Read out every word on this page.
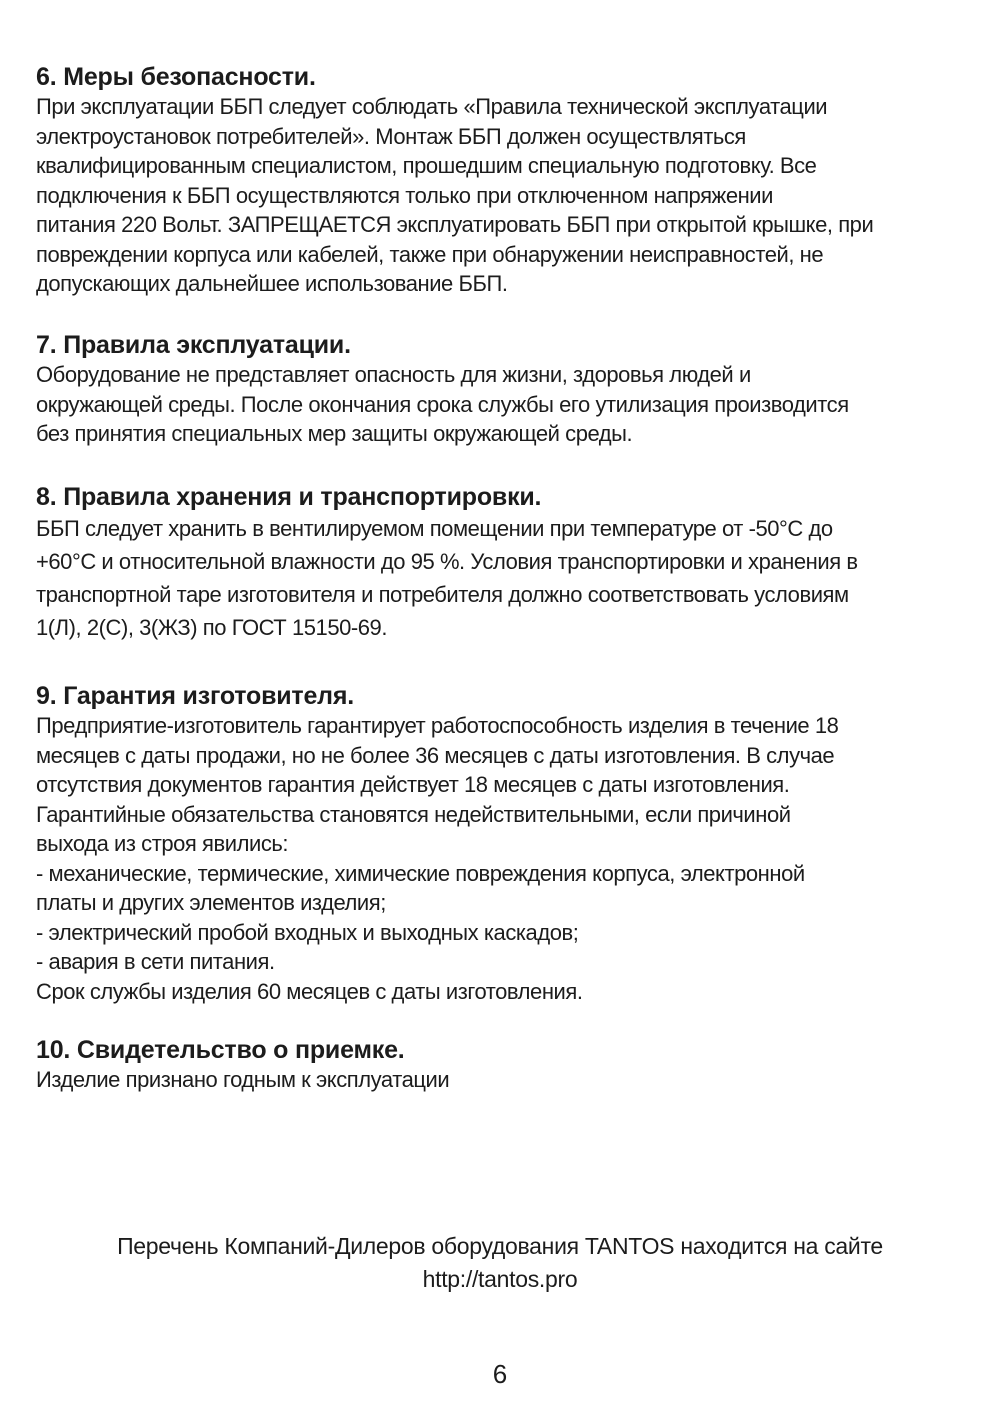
6. Меры безопасности.

При эксплуатации ББП следует соблюдать «Правила технической эксплуатации
электроустановок потребителей». Монтаж ББП должен осуществляться
квалифицированным специалистом, прошедшим специальную подготовку. Все
подключения к ББП осуществляются только при отключенном напряжении
питания 220 Вольт. ЗАПРЕЩАЕТСЯ эксплуатировать ББП при открытой крышке, при
повреждении корпуса или кабелей, также при обнаружении неисправностей, не
допускающих дальнейшее использование ББП.

7. Правила эксплуатации.

Оборудование не представляет опасность для жизни, здоровья людей и
окружающей среды. После окончания срока службы его утилизация производится
без принятия специальных мер защиты окружающей среды.

8. Правила хранения и транспортировки.

ББП следует хранить в вентилируемом помещении при температуре от -50°С до
+60°С и относительной влажности до 95 %. Условия транспортировки и хранения в
транспортной таре изготовителя и потребителя должно соответствовать условиям
1(Л), 2(С), 3(ЖЗ) по ГОСТ 15150-69.

9. Гарантия изготовителя.

Предприятие-изготовитель гарантирует работоспособность изделия в течение 18
месяцев с даты продажи, но не более 36 месяцев с даты изготовления. В случае
отсутствия документов гарантия действует 18 месяцев с даты изготовления.
Гарантийные обязательства становятся недействительными, если причиной
выхода из строя явились:
- механические, термические, химические повреждения корпуса, электронной
платы и других элементов изделия;
- электрический пробой входных и выходных каскадов;
- авария в сети питания.
Срок службы изделия 60 месяцев с даты изготовления.

10. Свидетельство о приемке.

Изделие признано годным к эксплуатации

Перечень Компаний-Дилеров оборудования TANTOS находится на сайте
http://tantos.pro
6
